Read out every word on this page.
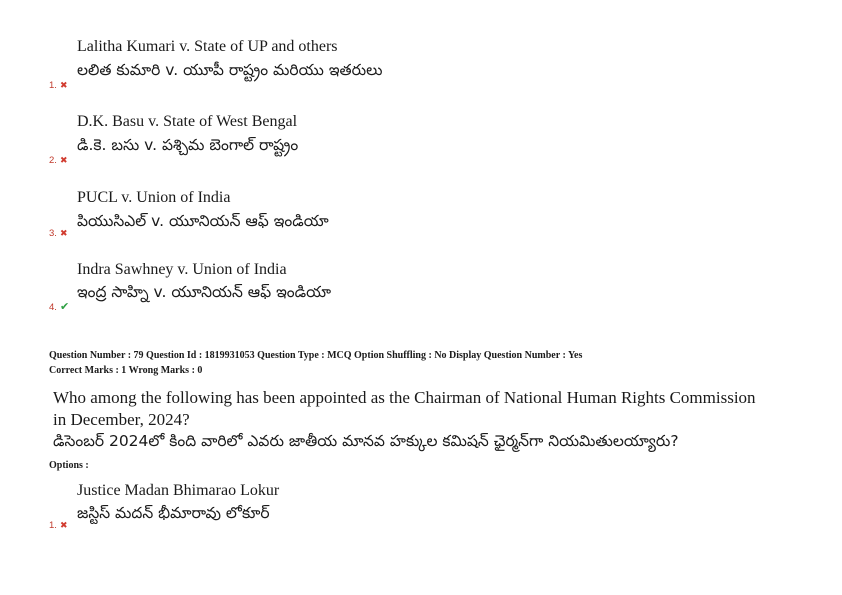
Lalitha Kumari v. State of UP and others
లలిత కుమారి v. యూపీ రాష్ట్రం మరియు ఇతరులు
1. ✖
D.K. Basu v. State of West Bengal
డి.కె. బసు v. పశ్చిమ బెంగాల్ రాష్ట్రం
2. ✖
PUCL v. Union of India
పియుసిఎల్ v. యూనియన్ ఆఫ్ ఇండియా
3. ✖
Indra Sawhney v. Union of India
ఇంద్ర సాహ్ని v. యూనియన్ ఆఫ్ ఇండియా
4. ✔
Question Number : 79 Question Id : 1819931053 Question Type : MCQ Option Shuffling : No Display Question Number : Yes
Correct Marks : 1 Wrong Marks : 0
Who among the following has been appointed as the Chairman of National Human Rights Commission
in December, 2024?
డిసెంబర్ 2024లో కింది వారిలో ఎవరు జాతీయ మానవ హక్కుల కమిషన్ ఛైర్మన్‌గా నియమితులయ్యారు?
Options :
Justice Madan Bhimarao Lokur
జస్టిస్ మదన్ భీమారావు లోకూర్
1. ✖
